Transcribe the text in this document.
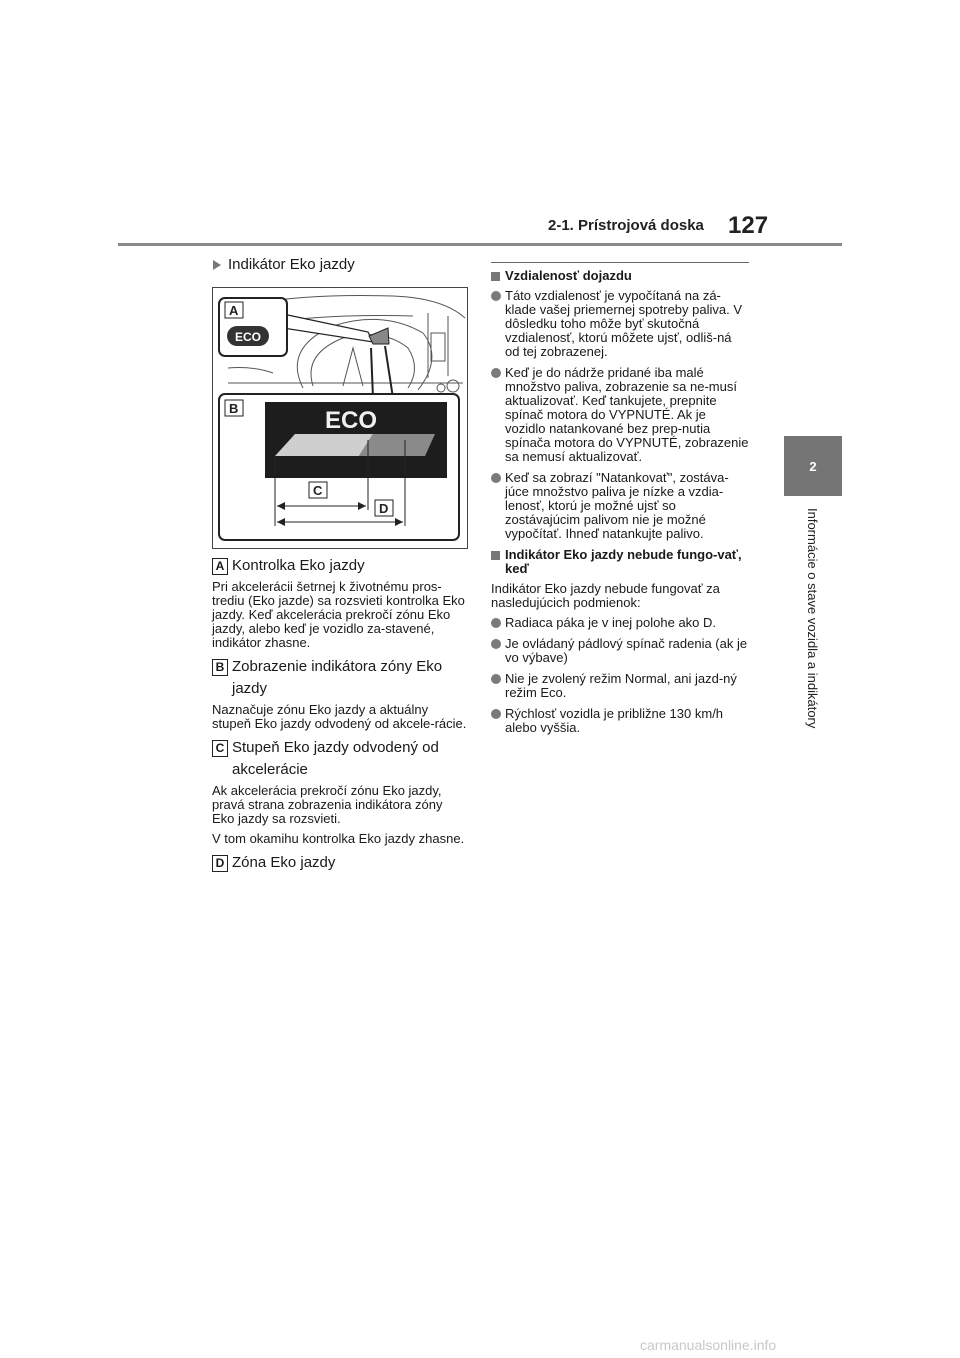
2-1. Prístrojová doska 127
2
Informácie o stave vozidla a indikátory
Indikátor Eko jazdy
A
ECO
B	ECO
C
D
A Kontrolka Eko jazdy

Pri akcelerácii šetrnej k životnému pros-trediu (Eko jazde) sa rozsvieti kontrolka Eko jazdy. Keď akcelerácia prekročí zónu Eko jazdy, alebo keď je vozidlo za-stavené, indikátor zhasne.

B Zobrazenie indikátora zóny Eko jazdy

Naznačuje zónu Eko jazdy a aktuálny stupeň Eko jazdy odvodený od akcele-rácie.

C Stupeň Eko jazdy odvodený od akcelerácie

Ak akcelerácia prekročí zónu Eko jazdy, pravá strana zobrazenia indikátora zóny Eko jazdy sa rozsvieti.

V tom okamihu kontrolka Eko jazdy zhasne.

D Zóna Eko jazdy
Vzdialenosť dojazdu
Táto vzdialenosť je vypočítaná na zá-klade vašej priemernej spotreby paliva. V dôsledku toho môže byť skutočná vzdialenosť, ktorú môžete ujsť, odliš-ná od tej zobrazenej.
Keď je do nádrže pridané iba malé množstvo paliva, zobrazenie sa ne-musí aktualizovať. Keď tankujete, prepnite spínač motora do VYPNUTÉ. Ak je vozidlo natankované bez prep-nutia spínača motora do VYPNUTÉ, zobrazenie sa nemusí aktualizovať.
Keď sa zobrazí "Natankovať", zostáva-júce množstvo paliva je nízke a vzdia-lenosť, ktorú je možné ujsť so zostávajúcim palivom nie je možné vypočítať. Ihneď natankujte palivo.
Indikátor Eko jazdy nebude fungo-vať, keď
Indikátor Eko jazdy nebude fungovať za nasledujúcich podmienok:
Radiaca páka je v inej polohe ako D.
Je ovládaný pádlový spínač radenia (ak je vo výbave)
Nie je zvolený režim Normal, ani jazd-ný režim Eco.
Rýchlosť vozidla je približne 130 km/h alebo vyššia.
carmanualsonline.info
